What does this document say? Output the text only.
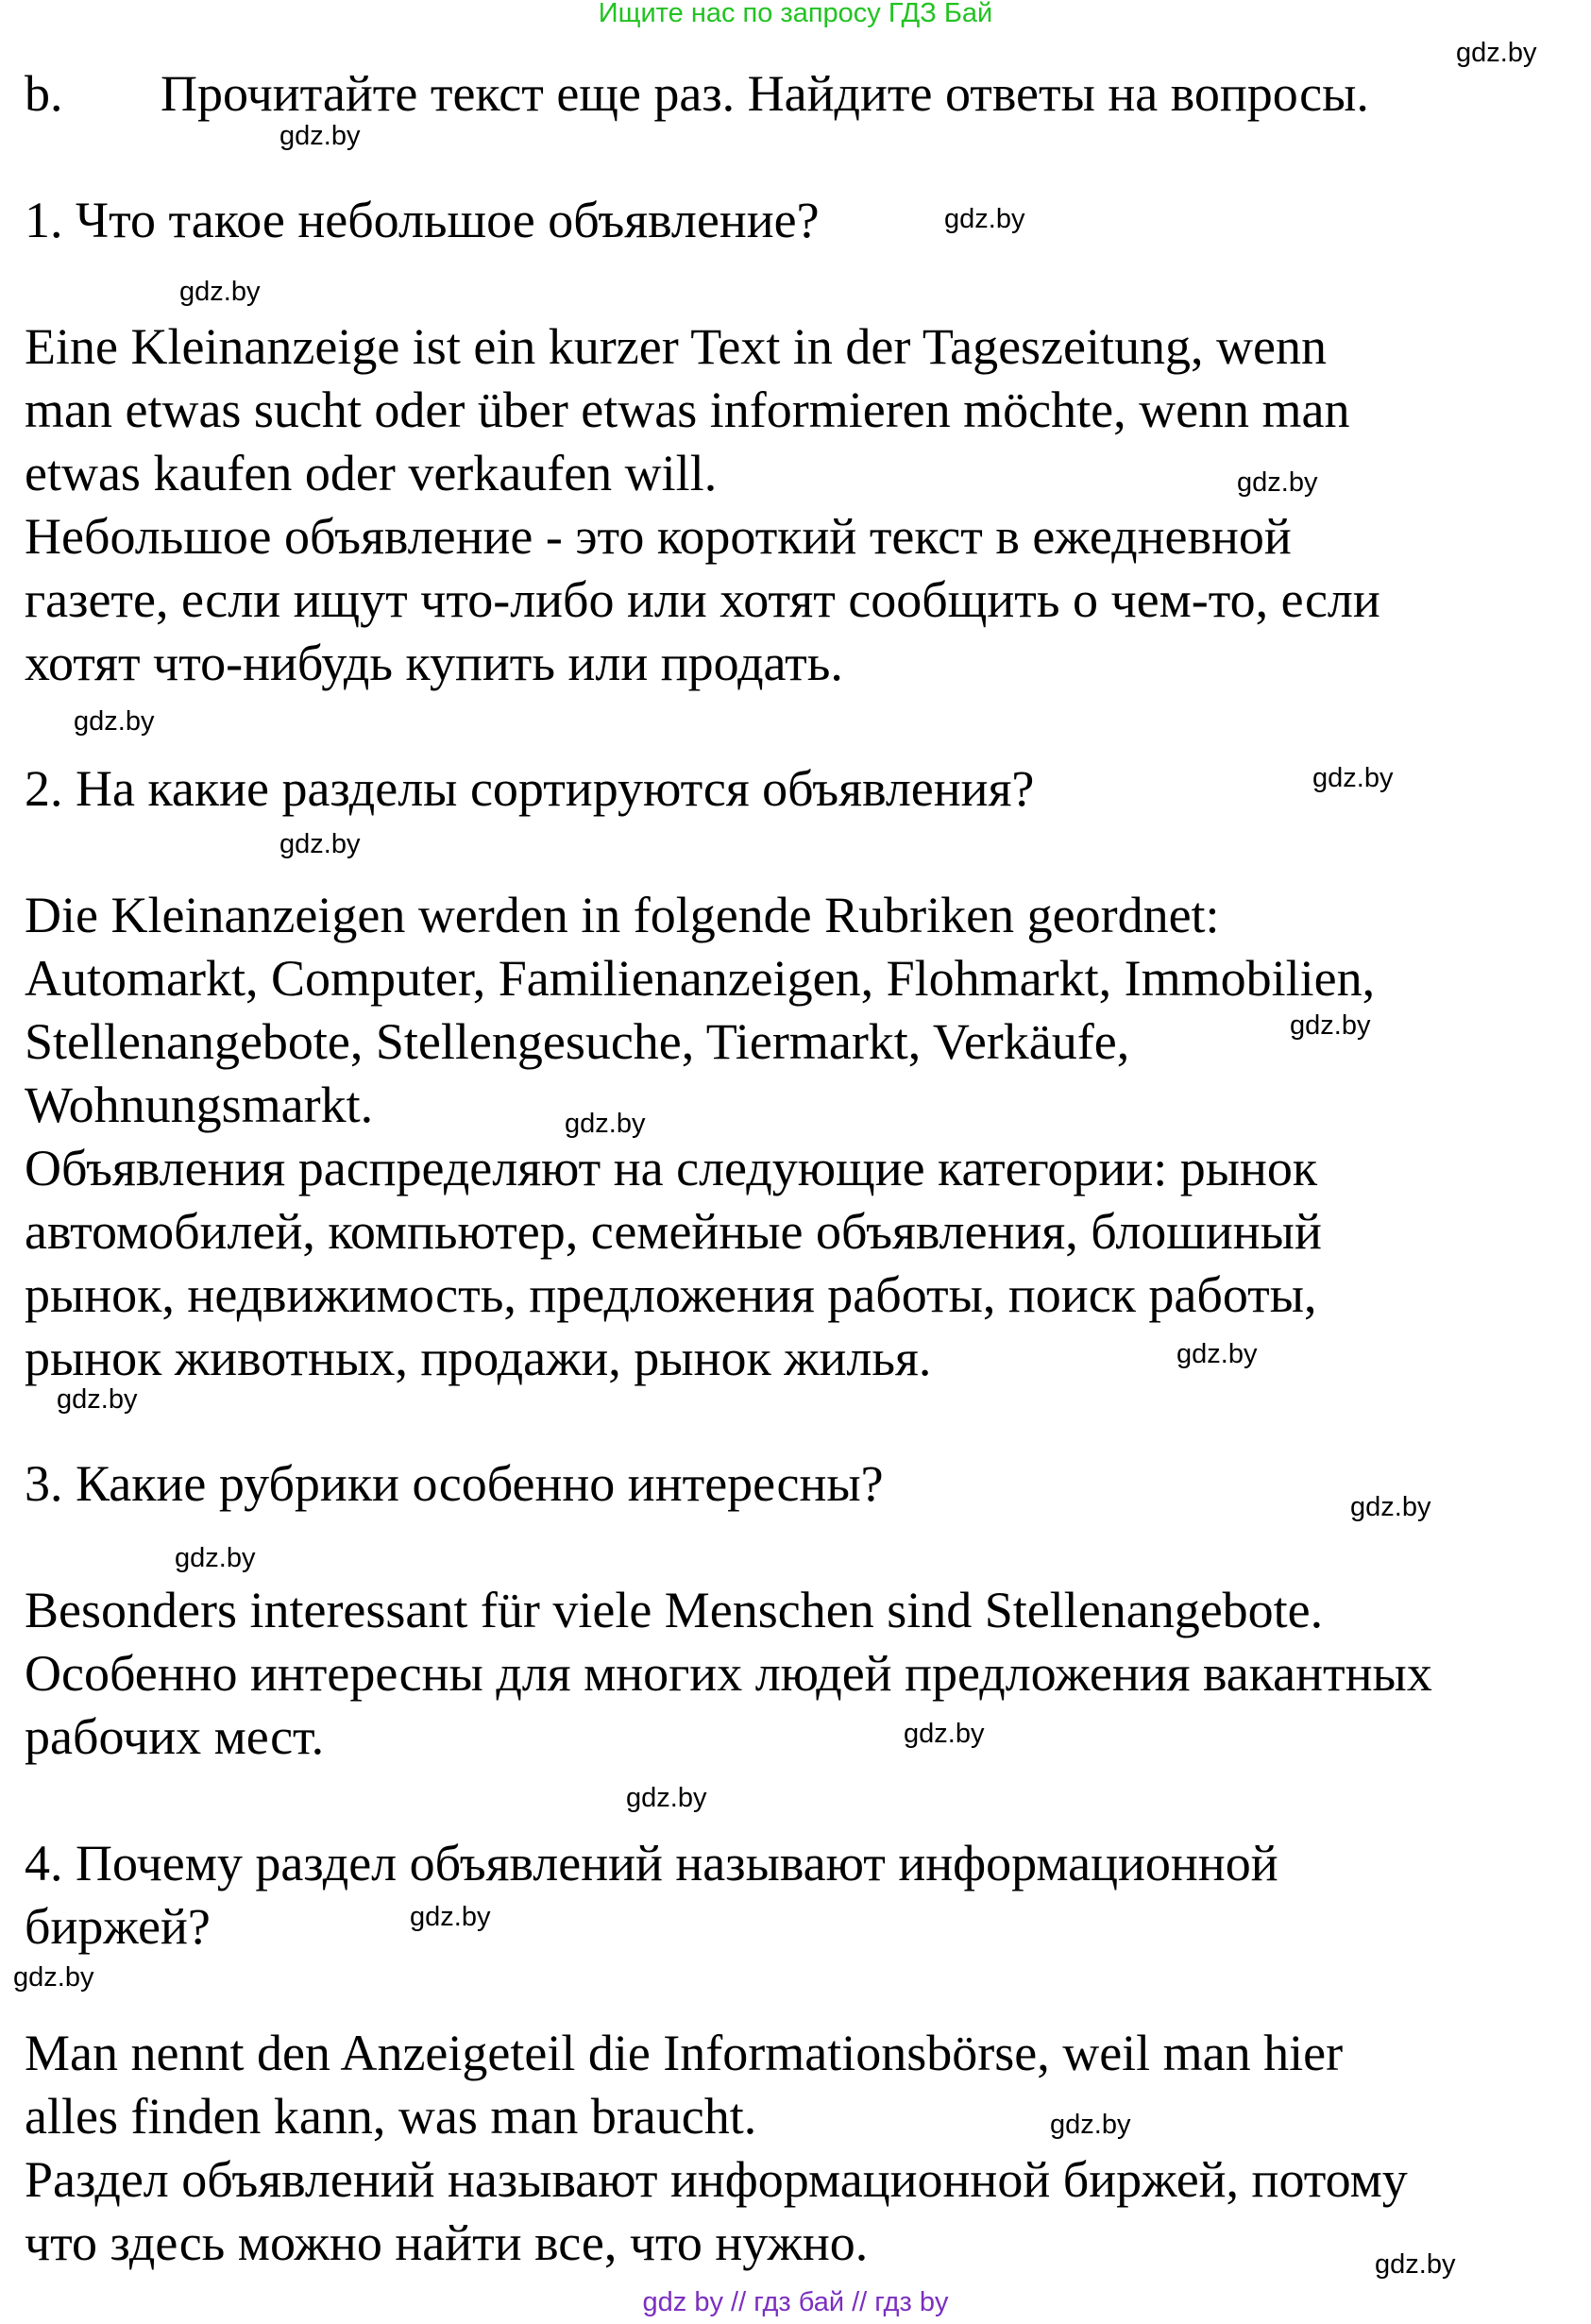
Ищите нас по запросу ГДЗ Бай
b. Прочитайте текст еще раз. Найдите ответы на вопросы.
1. Что такое небольшое объявление?
Eine Kleinanzeige ist ein kurzer Text in der Tageszeitung, wenn
man etwas sucht oder über etwas informieren möchte, wenn man
etwas kaufen oder verkaufen will.
Небольшое объявление - это короткий текст в ежедневной
газете, если ищут что-либо или хотят сообщить о чем-то, если
хотят что-нибудь купить или продать.
2. На какие разделы сортируются объявления?
Die Kleinanzeigen werden in folgende Rubriken geordnet:
Automarkt, Computer, Familienanzeigen, Flohmarkt, Immobilien,
Stellenangebote, Stellengesuche, Tiermarkt, Verkäufe,
Wohnungsmarkt.
Объявления распределяют на следующие категории: рынок
автомобилей, компьютер, семейные объявления, блошиный
рынок, недвижимость, предложения работы, поиск работы,
рынок животных, продажи, рынок жилья.
3. Какие рубрики особенно интересны?
Besonders interessant für viele Menschen sind Stellenangebote.
Особенно интересны для многих людей предложения вакантных
рабочих мест.
4. Почему раздел объявлений называют информационной
биржей?
Man nennt den Anzeigeteil die Informationsbörse, weil man hier
alles finden kann, was man braucht.
Раздел объявлений называют информационной биржей, потому
что здесь можно найти все, что нужно.
gdz.by
gdz.by
gdz.by
gdz.by
gdz.by
gdz.by
gdz.by
gdz.by
gdz.by
gdz.by
gdz.by
gdz.by
gdz.by
gdz.by
gdz.by
gdz.by
gdz.by
gdz.by
gdz.by
gdz.by
gdz by // гдз бай // гдз by
